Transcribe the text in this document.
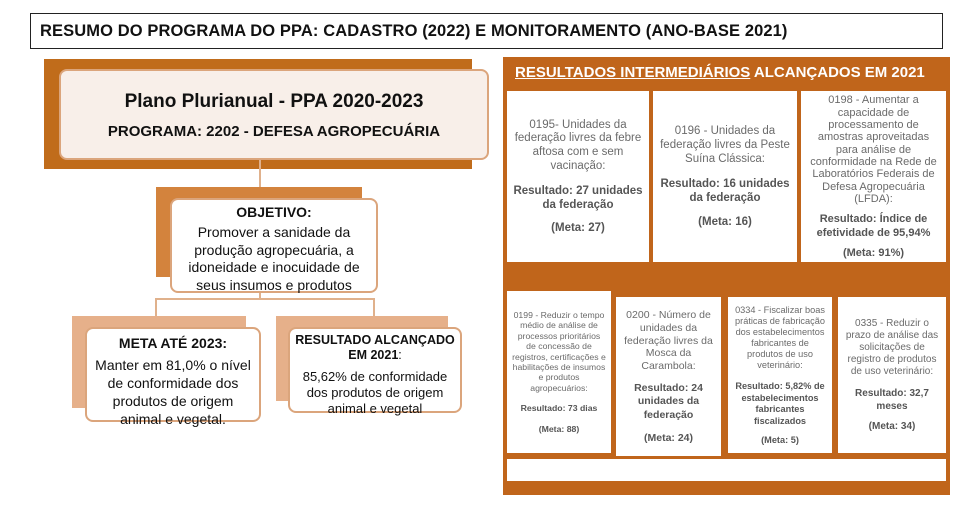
RESUMO DO PROGRAMA DO PPA: CADASTRO (2022) E MONITORAMENTO (ANO-BASE 2021)
Plano Plurianual - PPA 2020-2023
PROGRAMA: 2202 - DEFESA AGROPECUÁRIA
OBJETIVO:
Promover a sanidade da produção agropecuária, a idoneidade e inocuidade de seus insumos e produtos
META ATÉ 2023:
Manter em 81,0% o nível de conformidade dos produtos de origem animal e vegetal.
RESULTADO ALCANÇADO EM 2021:
85,62% de conformidade dos produtos de origem animal e vegetal
RESULTADOS INTERMEDIÁRIOS ALCANÇADOS EM 2021
0195- Unidades da federação livres da febre aftosa com e sem vacinação:
Resultado: 27 unidades da federação
(Meta: 27)
0196 - Unidades da federação livres da Peste Suína Clássica:
Resultado: 16 unidades da federação
(Meta: 16)
0198 - Aumentar a capacidade de processamento de amostras aproveitadas para análise de conformidade na Rede de Laboratórios Federais de Defesa Agropecuária (LFDA):
Resultado: Índice de efetividade de 95,94%
(Meta: 91%)
0199 - Reduzir o tempo médio de análise de processos prioritários de concessão de registros, certificações e habilitações de insumos e produtos agropecuários:
Resultado: 73 dias
(Meta: 88)
0200 - Número de unidades da federação livres da Mosca da Carambola:
Resultado: 24 unidades da federação
(Meta: 24)
0334 - Fiscalizar boas práticas de fabricação dos estabelecimentos fabricantes de produtos de uso veterinário:
Resultado: 5,82% de estabelecimentos fabricantes fiscalizados
(Meta: 5)
0335 - Reduzir o prazo de análise das solicitações de registro de produtos de uso veterinário:
Resultado: 32,7 meses
(Meta: 34)
